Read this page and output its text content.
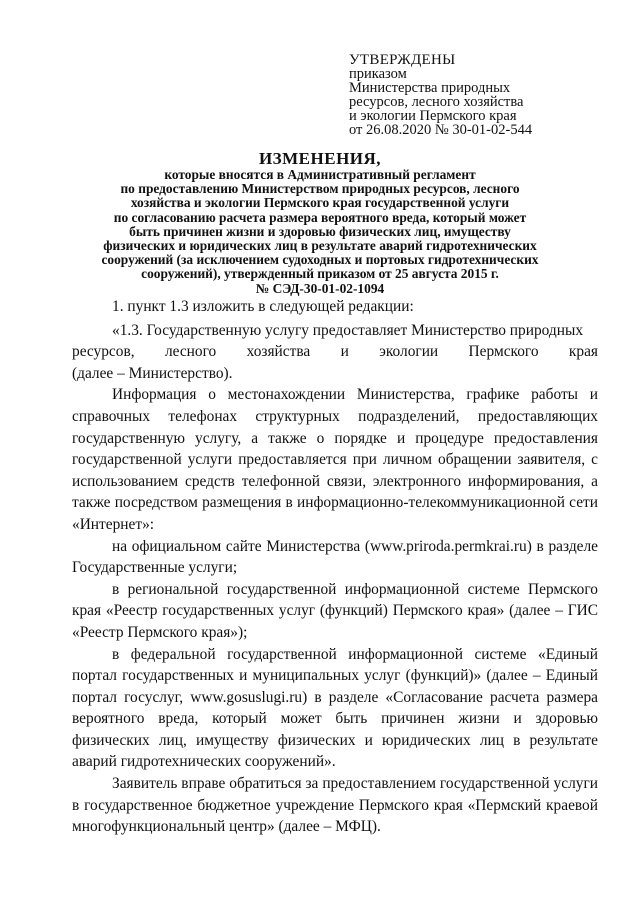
УТВЕРЖДЕНЫ
приказом
Министерства природных
ресурсов, лесного хозяйства
и экологии Пермского края
от 26.08.2020 № 30-01-02-544
ИЗМЕНЕНИЯ,
которые вносятся в Административный регламент
по предоставлению Министерством природных ресурсов, лесного
хозяйства и экологии Пермского края государственной услуги
по согласованию расчета размера вероятного вреда, который может
быть причинен жизни и здоровью физических лиц, имуществу
физических и юридических лиц в результате аварий гидротехнических
сооружений (за исключением судоходных и портовых гидротехнических
сооружений), утвержденный приказом от 25 августа 2015 г.
№ СЭД-30-01-02-1094

1. пункт 1.3 изложить в следующей редакции:

«1.3. Государственную услугу предоставляет Министерство природных

ресурсов, лесного хозяйства и экологии Пермского края
(далее – Министерство).

Информация о местонахождении Министерства, графике работы и справочных телефонах структурных подразделений, предоставляющих государственную услугу, а также о порядке и процедуре предоставления государственной услуги предоставляется при личном обращении заявителя, с использованием средств телефонной связи, электронного информирования, а также посредством размещения в информационно-телекоммуникационной сети «Интернет»:

на официальном сайте Министерства (www.priroda.permkrai.ru) в разделе Государственные услуги;

в региональной государственной информационной системе Пермского края «Реестр государственных услуг (функций) Пермского края» (далее – ГИС «Реестр Пермского края»);

в федеральной государственной информационной системе «Единый портал государственных и муниципальных услуг (функций)» (далее – Единый портал госуслуг, www.gosuslugi.ru) в разделе «Согласование расчета размера вероятного вреда, который может быть причинен жизни и здоровью физических лиц, имуществу физических и юридических лиц в результате аварий гидротехнических сооружений».

Заявитель вправе обратиться за предоставлением государственной услуги в государственное бюджетное учреждение Пермского края «Пермский краевой многофункциональный центр» (далее – МФЦ).
